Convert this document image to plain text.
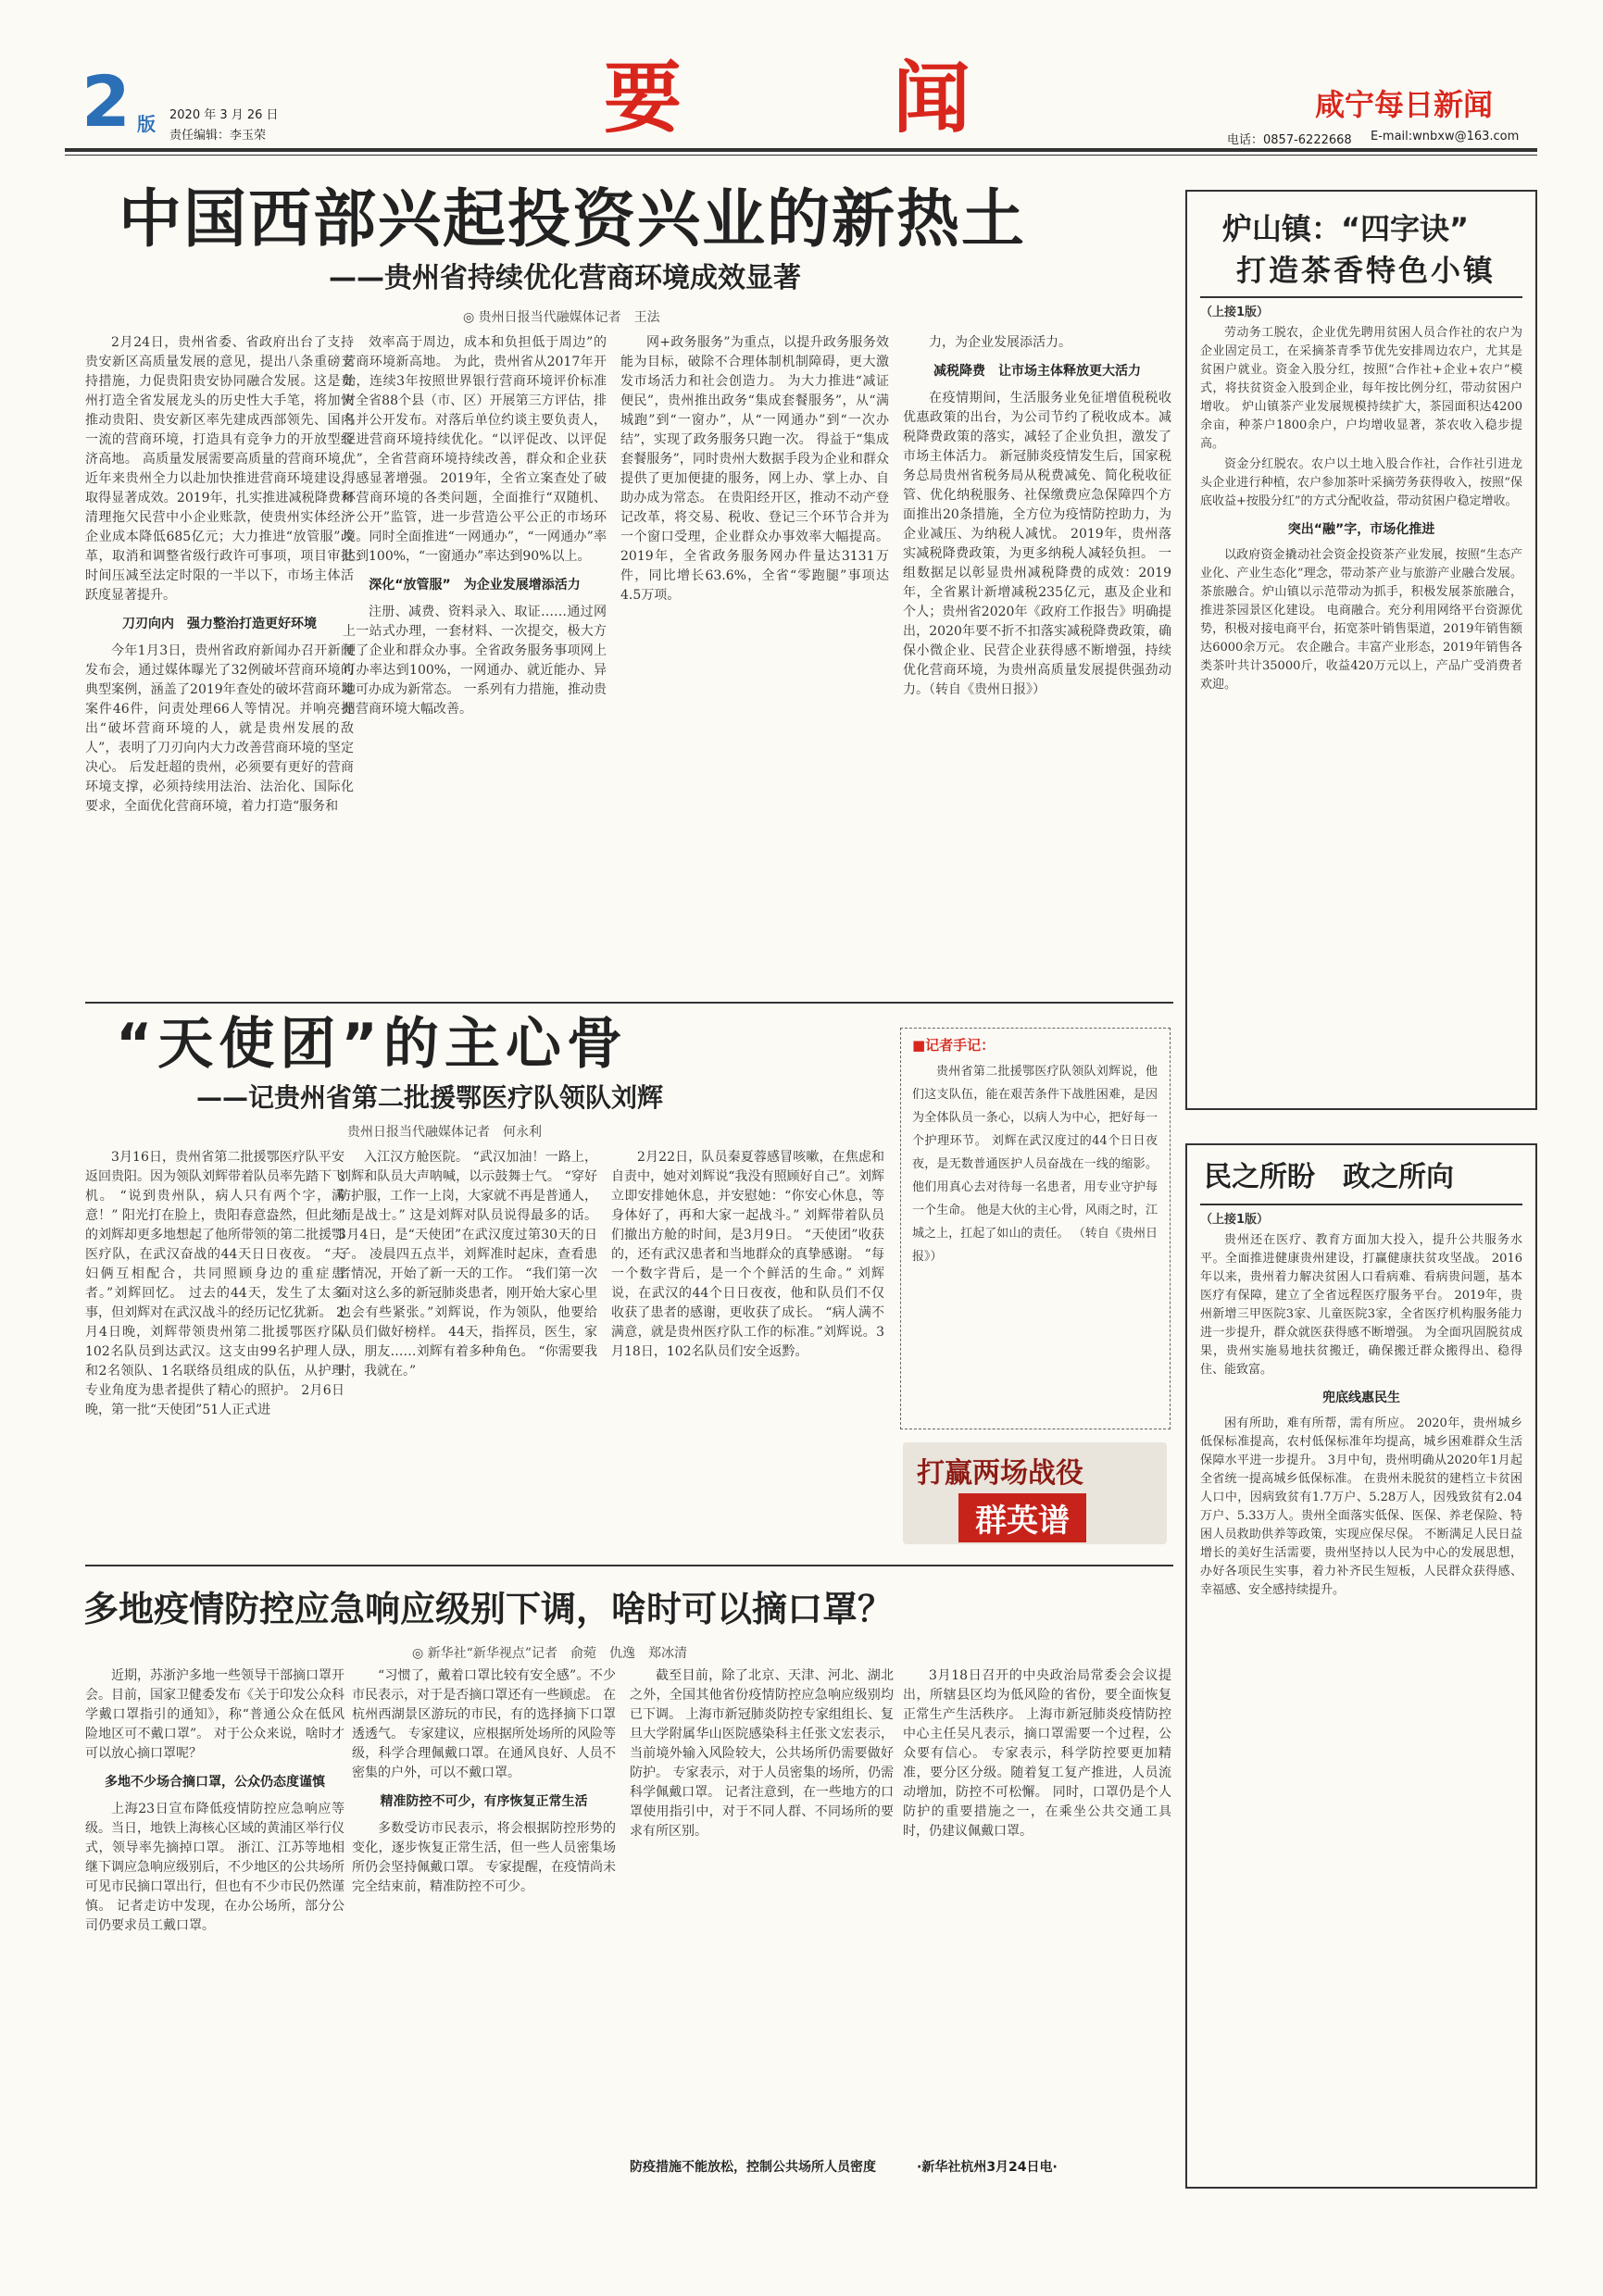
2 版 2020 年 3 月 26 日
责任编辑：李玉荣	要　　闻	咸宁每日新闻
电话：0857-6222668 E-mail:wnbxw@163.com
中国西部兴起投资兴业的新热土
——贵州省持续优化营商环境成效显著
◎ 贵州日报当代融媒体记者　王法

2月24日，贵州省委、省政府出台了支持贵安新区高质量发展的意见，提出八条重磅支持措施，力促贵阳贵安协同融合发展。这是贵州打造全省发展龙头的历史性大手笔，将加快推动贵阳、贵安新区率先建成西部领先、国内一流的营商环境，打造具有竞争力的开放型经济高地。 高质量发展需要高质量的营商环境，近年来贵州全力以赴加快推进营商环境建设，取得显著成效。2019年，扎实推进减税降费和清理拖欠民营中小企业账款，使贵州实体经济企业成本降低685亿元；大力推进“放管服”改革，取消和调整省级行政许可事项，项目审批时间压减至法定时限的一半以下，市场主体活跃度显著提升。

刀刃向内　强力整治打造更好环境

今年1月3日，贵州省政府新闻办召开新闻发布会，通过媒体曝光了32例破坏营商环境的典型案例，涵盖了2019年查处的破坏营商环境案件46件，问责处理66人等情况。并响亮提出“破坏营商环境的人，就是贵州发展的敌人”，表明了刀刃向内大力改善营商环境的坚定决心。 后发赶超的贵州，必须要有更好的营商环境支撑，必须持续用法治、法治化、国际化要求，全面优化营商环境，着力打造“服务和

效率高于周边，成本和负担低于周边”的营商环境新高地。 为此，贵州省从2017年开始，连续3年按照世界银行营商环境评价标准对全省88个县（市、区）开展第三方评估，排名并公开发布。对落后单位约谈主要负责人，促进营商环境持续优化。“以评促改、以评促优”，全省营商环境持续改善，群众和企业获得感显著增强。 2019年，全省立案查处了破坏营商环境的各类问题，全面推行“双随机、一公开”监管，进一步营造公平公正的市场环境。同时全面推进“一网通办”，“一网通办”率达到100%，“一窗通办”率达到90%以上。

深化“放管服”　为企业发展增添活力

注册、减费、资料录入、取证……通过网上一站式办理，一套材料、一次提交，极大方便了企业和群众办事。全省政务服务事项网上可办率达到100%，一网通办、就近能办、异地可办成为新常态。 一系列有力措施，推动贵州营商环境大幅改善。

网+政务服务”为重点，以提升政务服务效能为目标，破除不合理体制机制障碍，更大激发市场活力和社会创造力。 为大力推进“减证便民”，贵州推出政务“集成套餐服务”，从“满城跑”到“一窗办”，从“一网通办”到“一次办结”，实现了政务服务只跑一次。 得益于“集成套餐服务”，同时贵州大数据手段为企业和群众提供了更加便捷的服务，网上办、掌上办、自助办成为常态。 在贵阳经开区，推动不动产登记改革，将交易、税收、登记三个环节合并为一个窗口受理，企业群众办事效率大幅提高。 2019年，全省政务服务网办件量达3131万件，同比增长63.6%，全省“零跑腿”事项达4.5万项。

力，为企业发展添活力。

减税降费　让市场主体释放更大活力

在疫情期间，生活服务业免征增值税税收优惠政策的出台，为公司节约了税收成本。减税降费政策的落实，减轻了企业负担，激发了市场主体活力。 新冠肺炎疫情发生后，国家税务总局贵州省税务局从税费减免、简化税收征管、优化纳税服务、社保缴费应急保障四个方面推出20条措施，全方位为疫情防控助力，为企业减压、为纳税人减忧。 2019年，贵州落实减税降费政策，为更多纳税人减轻负担。 一组数据足以彰显贵州减税降费的成效：2019年，全省累计新增减税235亿元，惠及企业和个人；贵州省2020年《政府工作报告》明确提出，2020年要不折不扣落实减税降费政策，确保小微企业、民营企业获得感不断增强，持续优化营商环境，为贵州高质量发展提供强劲动力。（转自《贵州日报》）

炉山镇：“四字诀”
打造茶香特色小镇

（上接1版）

劳动务工脱农，企业优先聘用贫困人员合作社的农户为企业固定员工，在采摘茶青季节优先安排周边农户，尤其是贫困户就业。资金入股分红，按照“合作社+企业+农户”模式，将扶贫资金入股到企业，每年按比例分红，带动贫困户增收。 炉山镇茶产业发展规模持续扩大，茶园面积达4200余亩，种茶户1800余户，户均增收显著，茶农收入稳步提高。

资金分红脱农。农户以土地入股合作社，合作社引进龙头企业进行种植，农户参加茶叶采摘劳务获得收入，按照“保底收益+按股分红”的方式分配收益，带动贫困户稳定增收。

突出“融”字，市场化推进

以政府资金撬动社会资金投资茶产业发展，按照“生态产业化、产业生态化”理念，带动茶产业与旅游产业融合发展。 茶旅融合。炉山镇以示范带动为抓手，积极发展茶旅融合，推进茶园景区化建设。 电商融合。充分利用网络平台资源优势，积极对接电商平台，拓宽茶叶销售渠道，2019年销售额达6000余万元。 农企融合。丰富产业形态，2019年销售各类茶叶共计35000斤，收益420万元以上，产品广受消费者欢迎。

“天使团”的主心骨
——记贵州省第二批援鄂医疗队领队刘辉
贵州日报当代融媒体记者　何永利

3月16日，贵州省第二批援鄂医疗队平安返回贵阳。因为领队刘辉带着队员率先踏下飞机。 “说到贵州队，病人只有两个字，满意！” 阳光打在脸上，贵阳春意盎然，但此刻的刘辉却更多地想起了他所带领的第二批援鄂医疗队，在武汉奋战的44天日日夜夜。 “夫妇俩互相配合，共同照顾身边的重症患者。”刘辉回忆。 过去的44天，发生了太多事，但刘辉对在武汉战斗的经历记忆犹新。 2月4日晚，刘辉带领贵州第二批援鄂医疗队102名队员到达武汉。这支由99名护理人员和2名领队、1名联络员组成的队伍，从护理专业角度为患者提供了精心的照护。 2月6日晚，第一批“天使团”51人正式进

入江汉方舱医院。 “武汉加油！一路上，刘辉和队员大声呐喊，以示鼓舞士气。 “穿好防护服，工作一上岗，大家就不再是普通人，而是战士。” 这是刘辉对队员说得最多的话。 3月4日，是“天使团”在武汉度过第30天的日子。 凌晨四五点半，刘辉准时起床，查看患者情况，开始了新一天的工作。 “我们第一次面对这么多的新冠肺炎患者，刚开始大家心里也会有些紧张。”刘辉说，作为领队，他要给队员们做好榜样。 44天，指挥员，医生，家人，朋友……刘辉有着多种角色。 “你需要我时，我就在。”

2月22日，队员秦夏蓉感冒咳嗽，在焦虑和自责中，她对刘辉说“我没有照顾好自己”。刘辉立即安排她休息，并安慰她：“你安心休息，等身体好了，再和大家一起战斗。” 刘辉带着队员们撤出方舱的时间，是3月9日。 “天使团”收获的，还有武汉患者和当地群众的真挚感谢。 “每一个数字背后，是一个个鲜活的生命。” 刘辉说，在武汉的44个日日夜夜，他和队员们不仅收获了患者的感谢，更收获了成长。 “病人满不满意，就是贵州医疗队工作的标准。”刘辉说。3月18日，102名队员们安全返黔。

■记者手记：

贵州省第二批援鄂医疗队领队刘辉说，他们这支队伍，能在艰苦条件下战胜困难，是因为全体队员一条心，以病人为中心，把好每一个护理环节。 刘辉在武汉度过的44个日日夜夜，是无数普通医护人员奋战在一线的缩影。 他们用真心去对待每一名患者，用专业守护每一个生命。 他是大伙的主心骨，风雨之时，江城之上，扛起了如山的责任。 （转自《贵州日报》）

打赢两场战役
群英谱
民之所盼　政之所向

（上接1版）

贵州还在医疗、教育方面加大投入，提升公共服务水平。全面推进健康贵州建设，打赢健康扶贫攻坚战。 2016年以来，贵州着力解决贫困人口看病难、看病贵问题，基本医疗有保障，建立了全省远程医疗服务平台。 2019年，贵州新增三甲医院3家、儿童医院3家，全省医疗机构服务能力进一步提升，群众就医获得感不断增强。 为全面巩固脱贫成果，贵州实施易地扶贫搬迁，确保搬迁群众搬得出、稳得住、能致富。

兜底线惠民生

困有所助，难有所帮，需有所应。 2020年，贵州城乡低保标准提高，农村低保标准年均提高，城乡困难群众生活保障水平进一步提升。 3月中旬，贵州明确从2020年1月起全省统一提高城乡低保标准。 在贵州未脱贫的建档立卡贫困人口中，因病致贫有1.7万户、5.28万人，因残致贫有2.04万户、5.33万人。贵州全面落实低保、医保、养老保险、特困人员救助供养等政策，实现应保尽保。 不断满足人民日益增长的美好生活需要，贵州坚持以人民为中心的发展思想，办好各项民生实事，着力补齐民生短板，人民群众获得感、幸福感、安全感持续提升。

多地疫情防控应急响应级别下调，啥时可以摘口罩？
◎ 新华社“新华视点”记者　俞菀　仇逸　郑冰清

近期，苏浙沪多地一些领导干部摘口罩开会。目前，国家卫健委发布《关于印发公众科学戴口罩指引的通知》，称“普通公众在低风险地区可不戴口罩”。 对于公众来说，啥时才可以放心摘口罩呢？

多地不少场合摘口罩，公众仍态度谨慎

上海23日宣布降低疫情防控应急响应等级。当日，地铁上海核心区域的黄浦区举行仪式，领导率先摘掉口罩。 浙江、江苏等地相继下调应急响应级别后，不少地区的公共场所可见市民摘口罩出行，但也有不少市民仍然谨慎。 记者走访中发现，在办公场所，部分公司仍要求员工戴口罩。

“习惯了，戴着口罩比较有安全感”。不少市民表示，对于是否摘口罩还有一些顾虑。 在杭州西湖景区游玩的市民，有的选择摘下口罩透透气。 专家建议，应根据所处场所的风险等级，科学合理佩戴口罩。在通风良好、人员不密集的户外，可以不戴口罩。

精准防控不可少，有序恢复正常生活

多数受访市民表示，将会根据防控形势的变化，逐步恢复正常生活，但一些人员密集场所仍会坚持佩戴口罩。 专家提醒，在疫情尚未完全结束前，精准防控不可少。

截至目前，除了北京、天津、河北、湖北之外，全国其他省份疫情防控应急响应级别均已下调。 上海市新冠肺炎防控专家组组长、复旦大学附属华山医院感染科主任张文宏表示，当前境外输入风险较大，公共场所仍需要做好防护。 专家表示，对于人员密集的场所，仍需科学佩戴口罩。 记者注意到，在一些地方的口罩使用指引中，对于不同人群、不同场所的要求有所区别。

3月18日召开的中央政治局常委会会议提出，所辖县区均为低风险的省份，要全面恢复正常生产生活秩序。 上海市新冠肺炎疫情防控中心主任吴凡表示，摘口罩需要一个过程，公众要有信心。 专家表示，科学防控要更加精准，要分区分级。随着复工复产推进，人员流动增加，防控不可松懈。 同时，口罩仍是个人防护的重要措施之一，在乘坐公共交通工具时，仍建议佩戴口罩。

防疫措施不能放松，控制公共场所人员密度	·新华社杭州3月24日电·
